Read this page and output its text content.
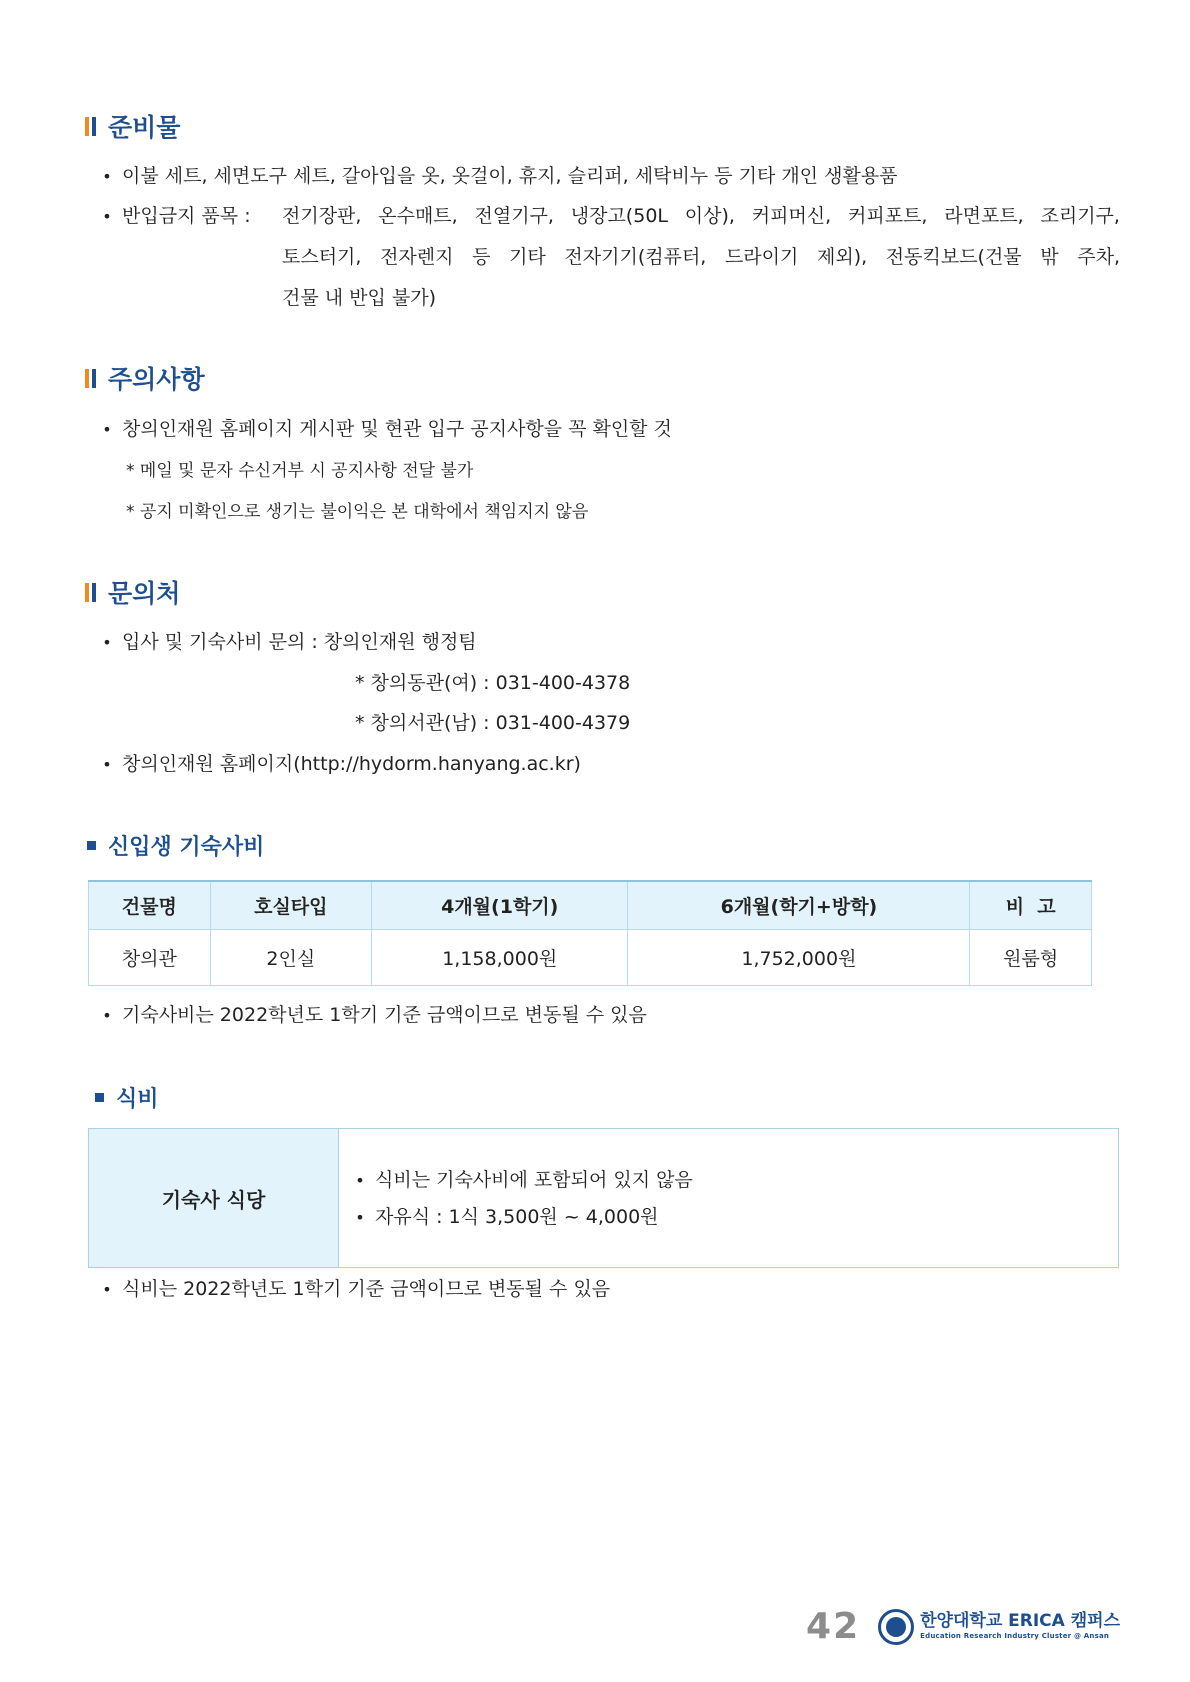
준비물
• 이불 세트, 세면도구 세트, 갈아입을 옷, 옷걸이, 휴지, 슬리퍼, 세탁비누 등 기타 개인 생활용품
• 반입금지 품목 : 전기장판, 온수매트, 전열기구, 냉장고(50L 이상), 커피머신, 커피포트, 라면포트, 조리기구,
토스터기, 전자렌지 등 기타 전자기기(컴퓨터, 드라이기 제외), 전동킥보드(건물 밖 주차,
건물 내 반입 불가)
주의사항
• 창의인재원 홈페이지 게시판 및 현관 입구 공지사항을 꼭 확인할 것
* 메일 및 문자 수신거부 시 공지사항 전달 불가
* 공지 미확인으로 생기는 불이익은 본 대학에서 책임지지 않음
문의처
• 입사 및 기숙사비 문의 : 창의인재원 행정팀
* 창의동관(여) : 031-400-4378
* 창의서관(남) : 031-400-4379
• 창의인재원 홈페이지(http://hydorm.hanyang.ac.kr)
신입생 기숙사비
건물명	호실타입	4개월(1학기)	6개월(학기+방학)	비  고
창의관	2인실	1,158,000원	1,752,000원	원룸형
• 기숙사비는 2022학년도 1학기 기준 금액이므로 변동될 수 있음
식비
기숙사 식당
• 식비는 기숙사비에 포함되어 있지 않음
• 자유식 : 1식 3,500원 ~ 4,000원
• 식비는 2022학년도 1학기 기준 금액이므로 변동될 수 있음
42	한양대학교 ERICA 캠퍼스
Education Research Industry Cluster @ Ansan
